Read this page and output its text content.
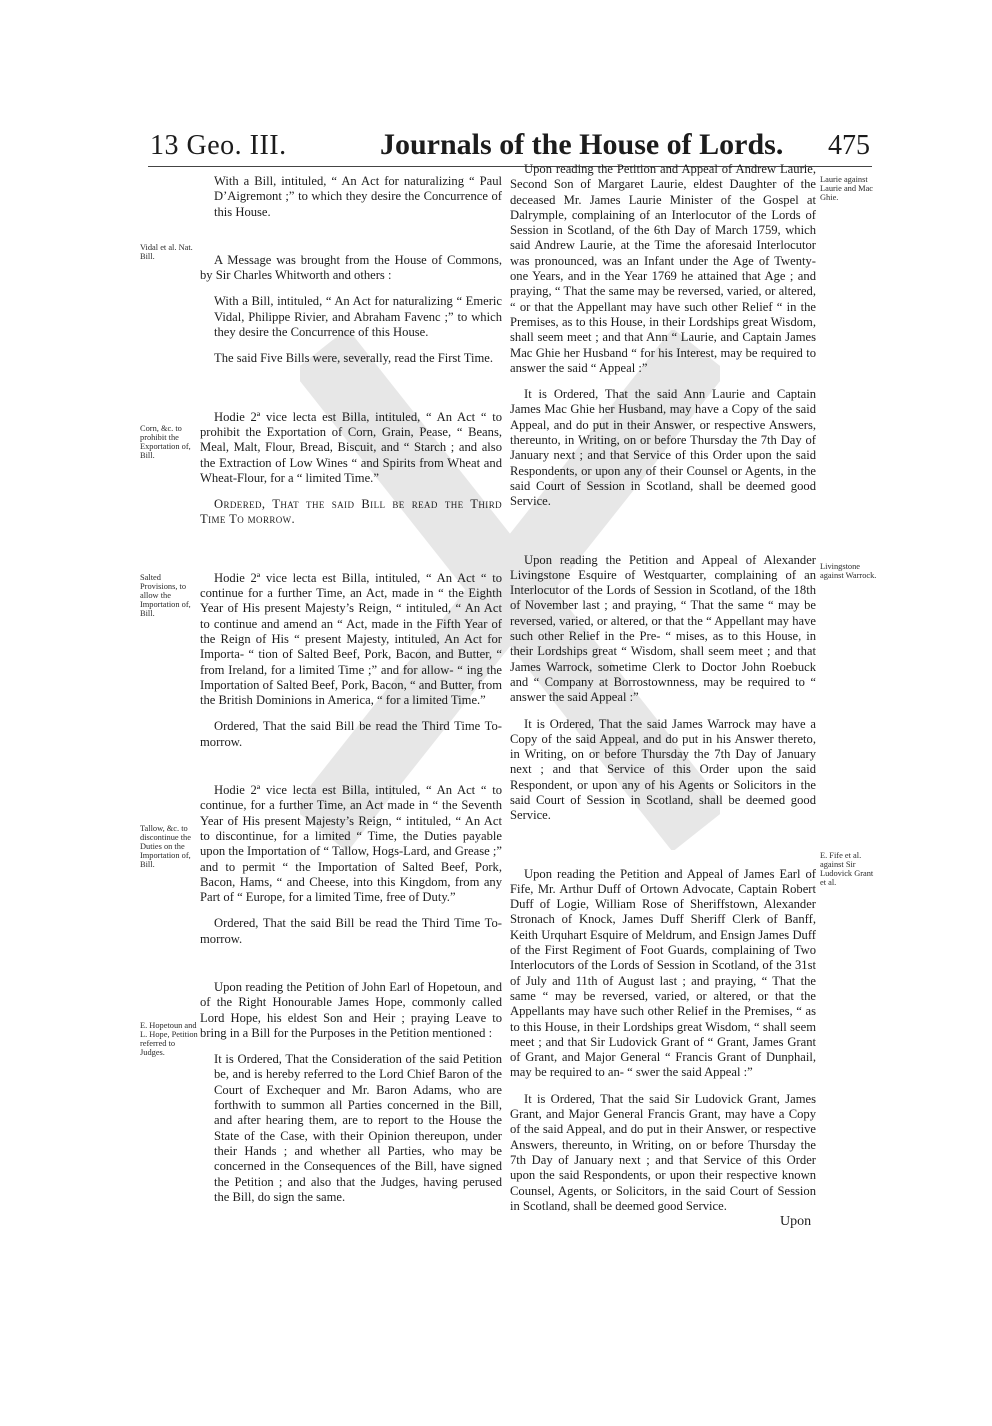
13 Geo. III.	Journals of the House of Lords. 475
Vidal et al. Nat. Bill.
Corn, &c. to prohibit the Exportation of, Bill.
Salted Provisions, to allow the Importation of, Bill.
Tallow, &c. to discontinue the Duties on the Importation of, Bill.
E. Hopetoun and L. Hope, Petition referred to Judges.
Laurie against Laurie and Mac Ghie.
Livingstone against Warrock.
E. Fife et al. against Sir Ludovick Grant et al.

With a Bill, intituled, “ An Act for naturalizing “ Paul D’Aigremont ;” to which they desire the Concurrence of this House.

A Message was brought from the House of Commons, by Sir Charles Whitworth and others :

With a Bill, intituled, “ An Act for naturalizing “ Emeric Vidal, Philippe Rivier, and Abraham Favenc ;” to which they desire the Concurrence of this House.

The said Five Bills were, severally, read the First Time.

Hodie 2ª vice lecta est Billa, intituled, “ An Act “ to prohibit the Exportation of Corn, Grain, Pease, “ Beans, Meal, Malt, Flour, Bread, Biscuit, and “ Starch ; and also the Extraction of Low Wines “ and Spirits from Wheat and Wheat-Flour, for a “ limited Time.”

Ordered, That the said Bill be read the Third Time To morrow.

Hodie 2ª vice lecta est Billa, intituled, “ An Act “ to continue for a further Time, an Act, made in “ the Eighth Year of His present Majesty’s Reign, “ intituled, “ An Act to continue and amend an “ Act, made in the Fifth Year of the Reign of His “ present Majesty, intituled, An Act for Importa- “ tion of Salted Beef, Pork, Bacon, and Butter, “ from Ireland, for a limited Time ;” and for allow- “ ing the Importation of Salted Beef, Pork, Bacon, “ and Butter, from the British Dominions in America, “ for a limited Time.”

Ordered, That the said Bill be read the Third Time To-morrow.

Hodie 2ª vice lecta est Billa, intituled, “ An Act “ to continue, for a further Time, an Act made in “ the Seventh Year of His present Majesty’s Reign, “ intituled, “ An Act to discontinue, for a limited “ Time, the Duties payable upon the Importation of “ Tallow, Hogs-Lard, and Grease ;” and to permit “ the Importation of Salted Beef, Pork, Bacon, Hams, “ and Cheese, into this Kingdom, from any Part of “ Europe, for a limited Time, free of Duty.”

Ordered, That the said Bill be read the Third Time To-morrow.

Upon reading the Petition of John Earl of Hopetoun, and of the Right Honourable James Hope, commonly called Lord Hope, his eldest Son and Heir ; praying Leave to bring in a Bill for the Purposes in the Petition mentioned :

It is Ordered, That the Consideration of the said Petition be, and is hereby referred to the Lord Chief Baron of the Court of Exchequer and Mr. Baron Adams, who are forthwith to summon all Parties concerned in the Bill, and after hearing them, are to report to the House the State of the Case, with their Opinion thereupon, under their Hands ; and whether all Parties, who may be concerned in the Consequences of the Bill, have signed the Petition ; and also that the Judges, having perused the Bill, do sign the same.

Upon reading the Petition and Appeal of Andrew Laurie, Second Son of Margaret Laurie, eldest Daughter of the deceased Mr. James Laurie Minister of the Gospel at Dalrymple, complaining of an Interlocutor of the Lords of Session in Scotland, of the 6th Day of March 1759, which said Andrew Laurie, at the Time the aforesaid Interlocutor was pronounced, was an Infant under the Age of Twenty-one Years, and in the Year 1769 he attained that Age ; and praying, “ That the same may be reversed, varied, or altered, “ or that the Appellant may have such other Relief “ in the Premises, as to this House, in their Lordships great Wisdom, shall seem meet ; and that Ann “ Laurie, and Captain James Mac Ghie her Husband “ for his Interest, may be required to answer the said “ Appeal :”

It is Ordered, That the said Ann Laurie and Captain James Mac Ghie her Husband, may have a Copy of the said Appeal, and do put in their Answer, or respective Answers, thereunto, in Writing, on or before Thursday the 7th Day of January next ; and that Service of this Order upon the said Respondents, or upon any of their Counsel or Agents, in the said Court of Session in Scotland, shall be deemed good Service.

Upon reading the Petition and Appeal of Alexander Livingstone Esquire of Westquarter, complaining of an Interlocutor of the Lords of Session in Scotland, of the 18th of November last ; and praying, “ That the same “ may be reversed, varied, or altered, or that the “ Appellant may have such other Relief in the Pre- “ mises, as to this House, in their Lordships great “ Wisdom, shall seem meet ; and that James Warrock, sometime Clerk to Doctor John Roebuck and “ Company at Borrostownness, may be required to “ answer the said Appeal :”

It is Ordered, That the said James Warrock may have a Copy of the said Appeal, and do put in his Answer thereto, in Writing, on or before Thursday the 7th Day of January next ; and that Service of this Order upon the said Respondent, or upon any of his Agents or Solicitors in the said Court of Session in Scotland, shall be deemed good Service.

Upon reading the Petition and Appeal of James Earl of Fife, Mr. Arthur Duff of Ortown Advocate, Captain Robert Duff of Logie, William Rose of Sheriffstown, Alexander Stronach of Knock, James Duff Sheriff Clerk of Banff, Keith Urquhart Esquire of Meldrum, and Ensign James Duff of the First Regiment of Foot Guards, complaining of Two Interlocutors of the Lords of Session in Scotland, of the 31st of July and 11th of August last ; and praying, “ That the same “ may be reversed, varied, or altered, or that the Appellants may have such other Relief in the Premises, “ as to this House, in their Lordships great Wisdom, “ shall seem meet ; and that Sir Ludovick Grant of “ Grant, James Grant of Grant, and Major General “ Francis Grant of Dunphail, may be required to an- “ swer the said Appeal :”

It is Ordered, That the said Sir Ludovick Grant, James Grant, and Major General Francis Grant, may have a Copy of the said Appeal, and do put in their Answer, or respective Answers, thereunto, in Writing, on or before Thursday the 7th Day of January next ; and that Service of this Order upon the said Respondents, or upon their respective known Counsel, Agents, or Solicitors, in the said Court of Session in Scotland, shall be deemed good Service.

Upon
